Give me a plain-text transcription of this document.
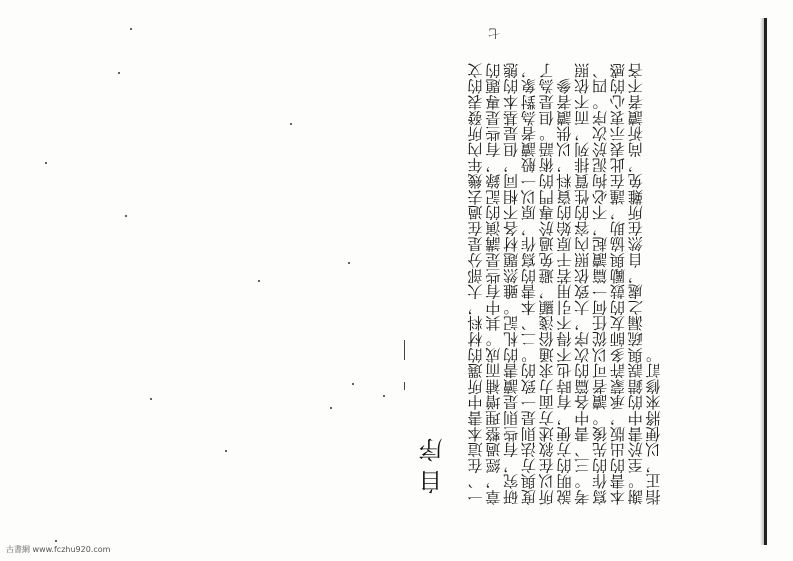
七

一、在這本書中所選的材料，大部分是在過去幾年內所發表的文章，經過整理增補而成。其中有些是講演的記錄，有些是專題的研究，有些則是讀書的札記。雖然題材各不相同，但是基本的態度與方法則是一致的。二、本書的寫作，原以一般讀者為對象，所以在敘述方面力求通俗淺顯，避免過於專門的術語。但是為了說明的方便，有時也不得不引用若干原始的資料，以供讀者參考。三、書中各篇的次序，大致依照內容的性質排列，而不依照寫作的先後。讀者可以從任何一篇讀起，不必拘泥於次序。四、本書的出版，承蒙許多師友的鼓勵與協助，謹在此表示衷心的感謝。至於書中的錯誤與疏漏之處，自然在所難免，尚祈讀者不吝指正，以便將來修訂。

自序
古書網 www.fczhu920.com
